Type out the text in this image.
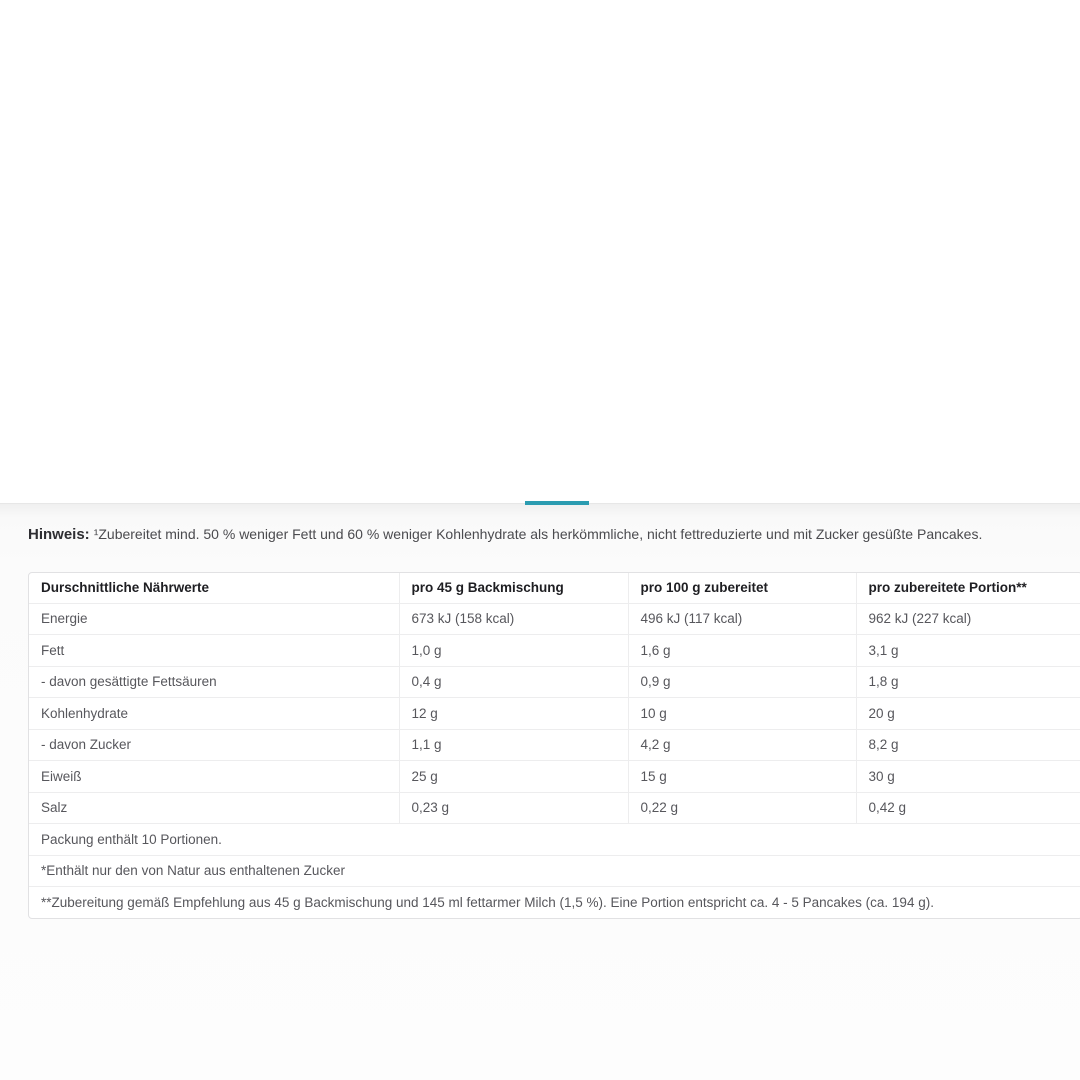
Hinweis: ¹Zubereitet mind. 50 % weniger Fett und 60 % weniger Kohlenhydrate als herkömmliche, nicht fettreduzierte und mit Zucker gesüßte Pancakes.

Durschnittliche Nährwerte	pro 45 g Backmischung	pro 100 g zubereitet	pro zubereitete Portion**
Energie	673 kJ (158 kcal)	496 kJ (117 kcal)	962 kJ (227 kcal)
Fett	1,0 g	1,6 g	3,1 g
- davon gesättigte Fettsäuren	0,4 g	0,9 g	1,8 g
Kohlenhydrate	12 g	10 g	20 g
- davon Zucker	1,1 g	4,2 g	8,2 g
Eiweiß	25 g	15 g	30 g
Salz	0,23 g	0,22 g	0,42 g
Packung enthält 10 Portionen.			
*Enthält nur den von Natur aus enthaltenen Zucker			
**Zubereitung gemäß Empfehlung aus 45 g Backmischung und 145 ml fettarmer Milch (1,5 %). Eine Portion entspricht ca. 4 - 5 Pancakes (ca. 194 g).			
